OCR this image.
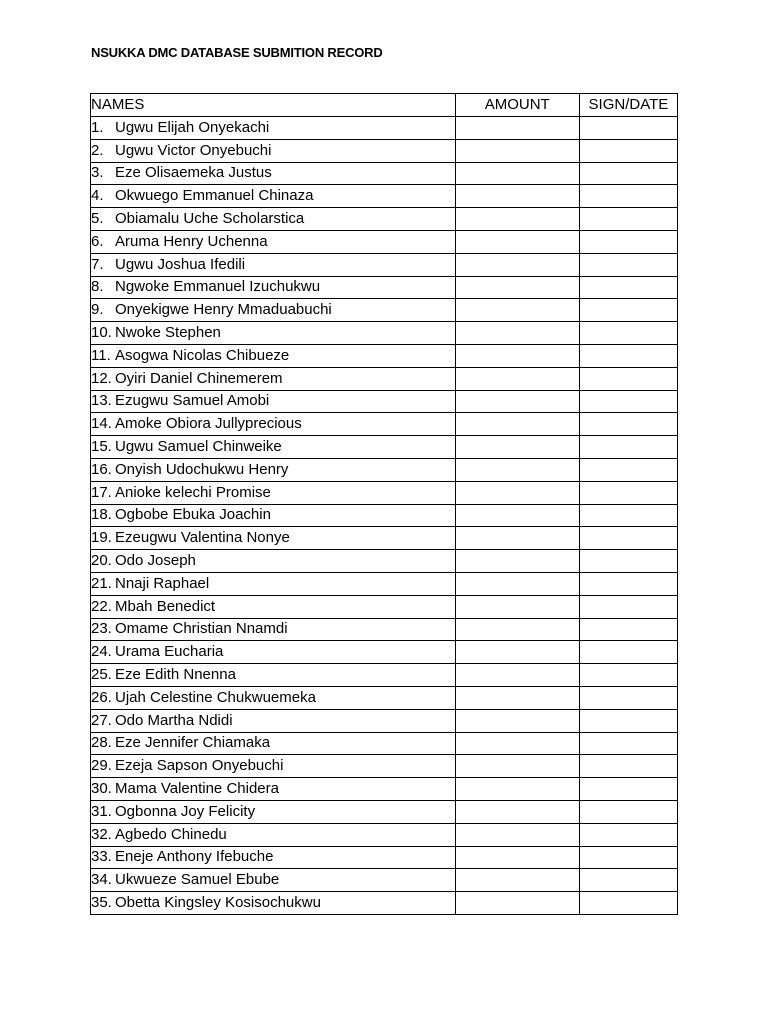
NSUKKA DMC DATABASE SUBMITION RECORD
NAMES	AMOUNT	SIGN/DATE
1. Ugwu Elijah Onyekachi		
2. Ugwu Victor Onyebuchi		
3. Eze Olisaemeka Justus		
4. Okwuego Emmanuel Chinaza		
5. Obiamalu Uche Scholarstica		
6. Aruma Henry Uchenna		
7. Ugwu Joshua Ifedili		
8. Ngwoke Emmanuel Izuchukwu		
9. Onyekigwe Henry Mmaduabuchi		
10. Nwoke Stephen		
11. Asogwa Nicolas Chibueze		
12. Oyiri Daniel Chinemerem		
13. Ezugwu Samuel Amobi		
14. Amoke Obiora Jullyprecious		
15. Ugwu Samuel Chinweike		
16. Onyish Udochukwu Henry		
17. Anioke kelechi Promise		
18. Ogbobe Ebuka Joachin		
19. Ezeugwu Valentina Nonye		
20. Odo Joseph		
21. Nnaji Raphael		
22. Mbah Benedict		
23. Omame Christian Nnamdi		
24. Urama Eucharia		
25. Eze Edith Nnenna		
26. Ujah Celestine Chukwuemeka		
27. Odo Martha Ndidi		
28. Eze Jennifer Chiamaka		
29. Ezeja Sapson Onyebuchi		
30. Mama Valentine Chidera		
31. Ogbonna Joy Felicity		
32. Agbedo Chinedu		
33. Eneje Anthony Ifebuche		
34. Ukwueze Samuel Ebube		
35. Obetta Kingsley Kosisochukwu		
